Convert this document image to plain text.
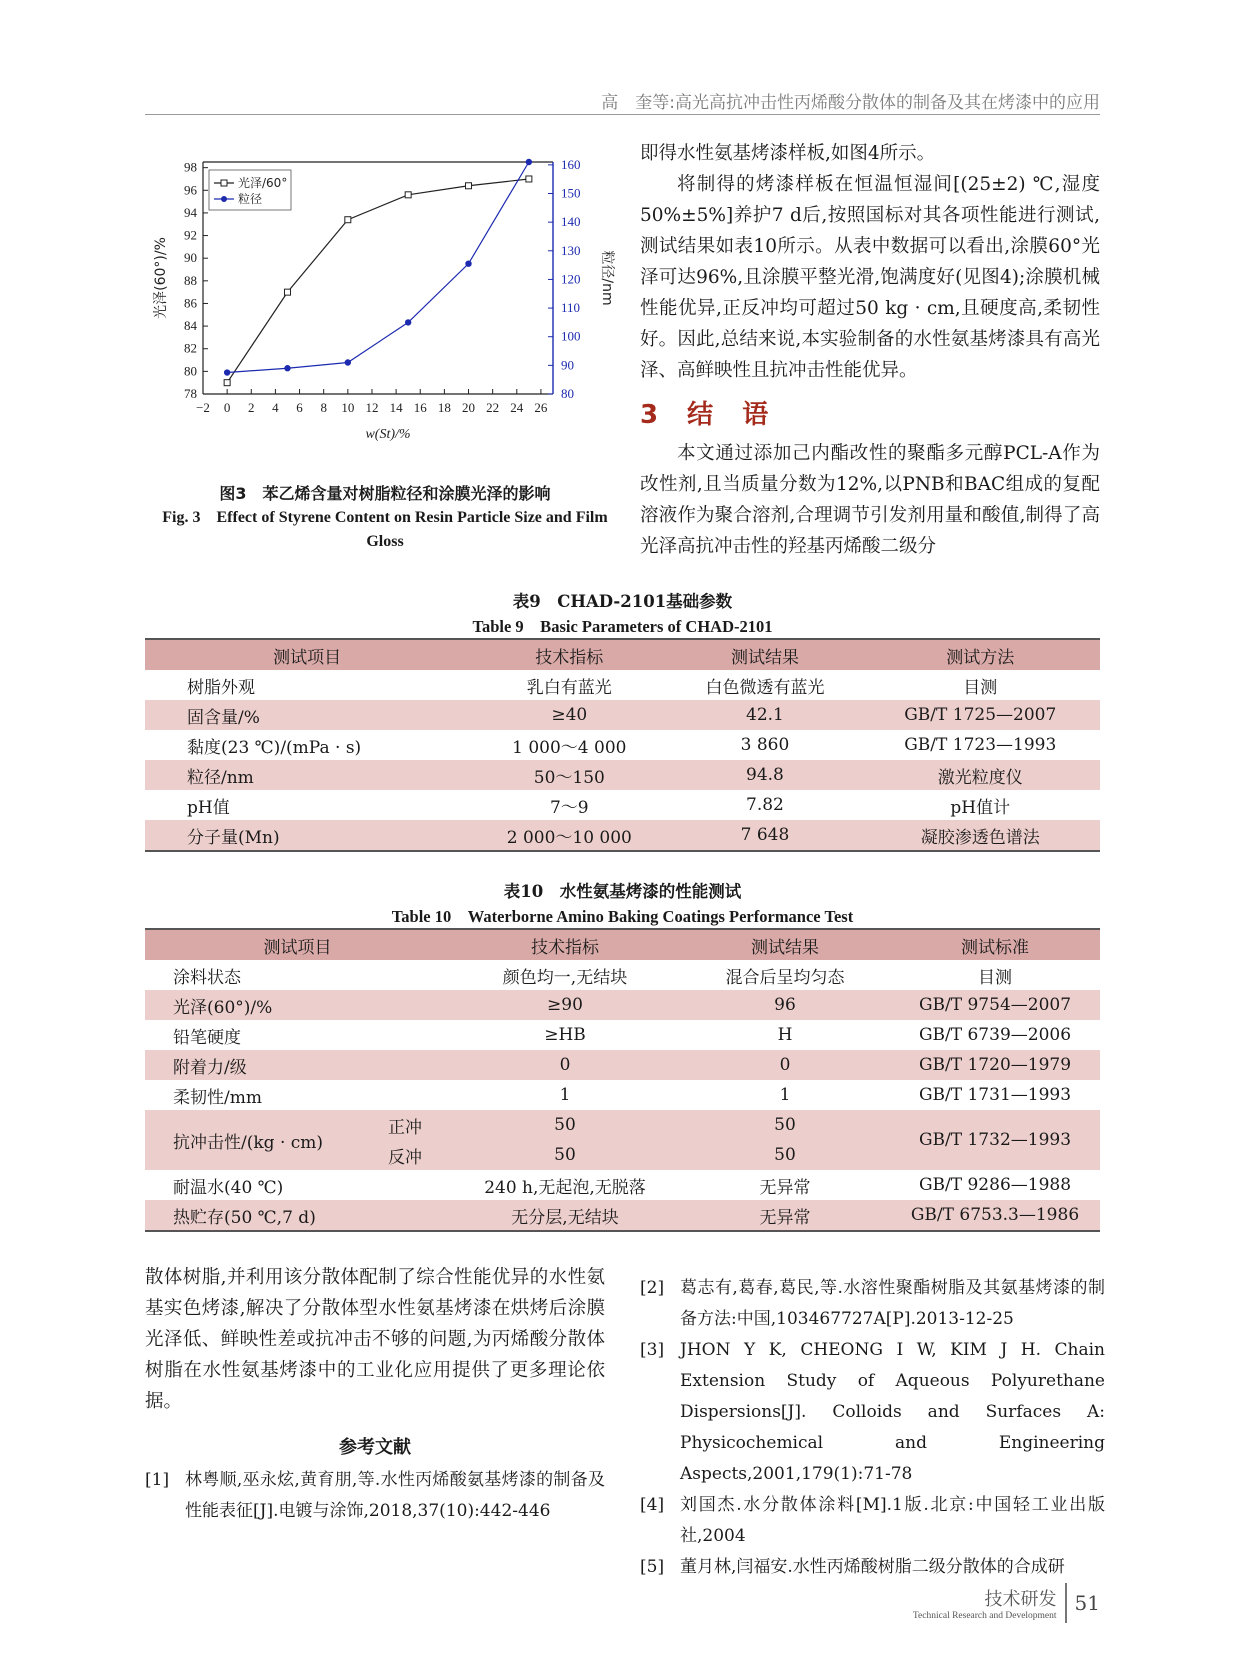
高　奎等:高光高抗冲击性丙烯酸分散体的制备及其在烤漆中的应用
−2 0 2 4 6 8 10 12 14 16 18 20 22 24 26
78
80
82
84
86
88
90
92
94
96
98
80
90
100
110
120
130
140
150
160
w(St)/%
光泽(60°)/%	粒径/nm
光泽/60°
粒径
图3　苯乙烯含量对树脂粒径和涂膜光泽的影响
Fig. 3　Effect of Styrene Content on Resin Particle Size and Film Gloss

即得水性氨基烤漆样板,如图4所示。

将制得的烤漆样板在恒温恒湿间[(25±2) ℃,湿度50%±5%]养护7 d后,按照国标对其各项性能进行测试,测试结果如表10所示。从表中数据可以看出,涂膜60°光泽可达96%,且涂膜平整光滑,饱满度好(见图4);涂膜机械性能优异,正反冲均可超过50 kg · cm,且硬度高,柔韧性好。因此,总结来说,本实验制备的水性氨基烤漆具有高光泽、高鲜映性且抗冲击性能优异。

3 结 语

本文通过添加己内酯改性的聚酯多元醇PCL-A作为改性剂,且当质量分数为12%,以PNB和BAC组成的复配溶液作为聚合溶剂,合理调节引发剂用量和酸值,制得了高光泽高抗冲击性的羟基丙烯酸二级分

表9　CHAD-2101基础参数
Table 9　Basic Parameters of CHAD-2101
测试项目	技术指标	测试结果	测试方法
树脂外观	乳白有蓝光	白色微透有蓝光	目测
固含量/%	≥40	42.1	GB/T 1725—2007
黏度(23 ℃)/(mPa · s)	1 000～4 000	3 860	GB/T 1723—1993
粒径/nm	50～150	94.8	激光粒度仪
pH值	7～9	7.82	pH值计
分子量(Mn)	2 000～10 000	7 648	凝胶渗透色谱法
表10　水性氨基烤漆的性能测试
Table 10　Waterborne Amino Baking Coatings Performance Test
测试项目		技术指标	测试结果	测试标准
涂料状态		颜色均一,无结块	混合后呈均匀态	目测
光泽(60°)/%		≥90	96	GB/T 9754—2007
铅笔硬度		≥HB	H	GB/T 6739—2006
附着力/级		0	0	GB/T 1720—1979
柔韧性/mm		1	1	GB/T 1731—1993
抗冲击性/(kg · cm)	正冲	50	50	GB/T 1732—1993
	反冲	50	50	
耐温水(40 ℃)		240 h,无起泡,无脱落	无异常	GB/T 9286—1988
热贮存(50 ℃,7 d)		无分层,无结块	无异常	GB/T 6753.3—1986

散体树脂,并利用该分散体配制了综合性能优异的水性氨基实色烤漆,解决了分散体型水性氨基烤漆在烘烤后涂膜光泽低、鲜映性差或抗冲击不够的问题,为丙烯酸分散体树脂在水性氨基烤漆中的工业化应用提供了更多理论依据。

参考文献
[1] 林粤顺,巫永炫,黄育朋,等.水性丙烯酸氨基烤漆的制备及性能表征[J].电镀与涂饰,2018,37(10):442-446
[2] 葛志有,葛春,葛民,等.水溶性聚酯树脂及其氨基烤漆的制备方法:中国,103467727A[P].2013-12-25
[3] JHON Y K, CHEONG I W, KIM J H. Chain Extension Study of Aqueous Polyurethane Dispersions[J]. Colloids and Surfaces A: Physicochemical and Engineering Aspects,2001,179(1):71-78
[4] 刘国杰.水分散体涂料[M].1版.北京:中国轻工业出版社,2004
[5] 董月林,闫福安.水性丙烯酸树脂二级分散体的合成研
技术研发
Technical Research and Development
51
